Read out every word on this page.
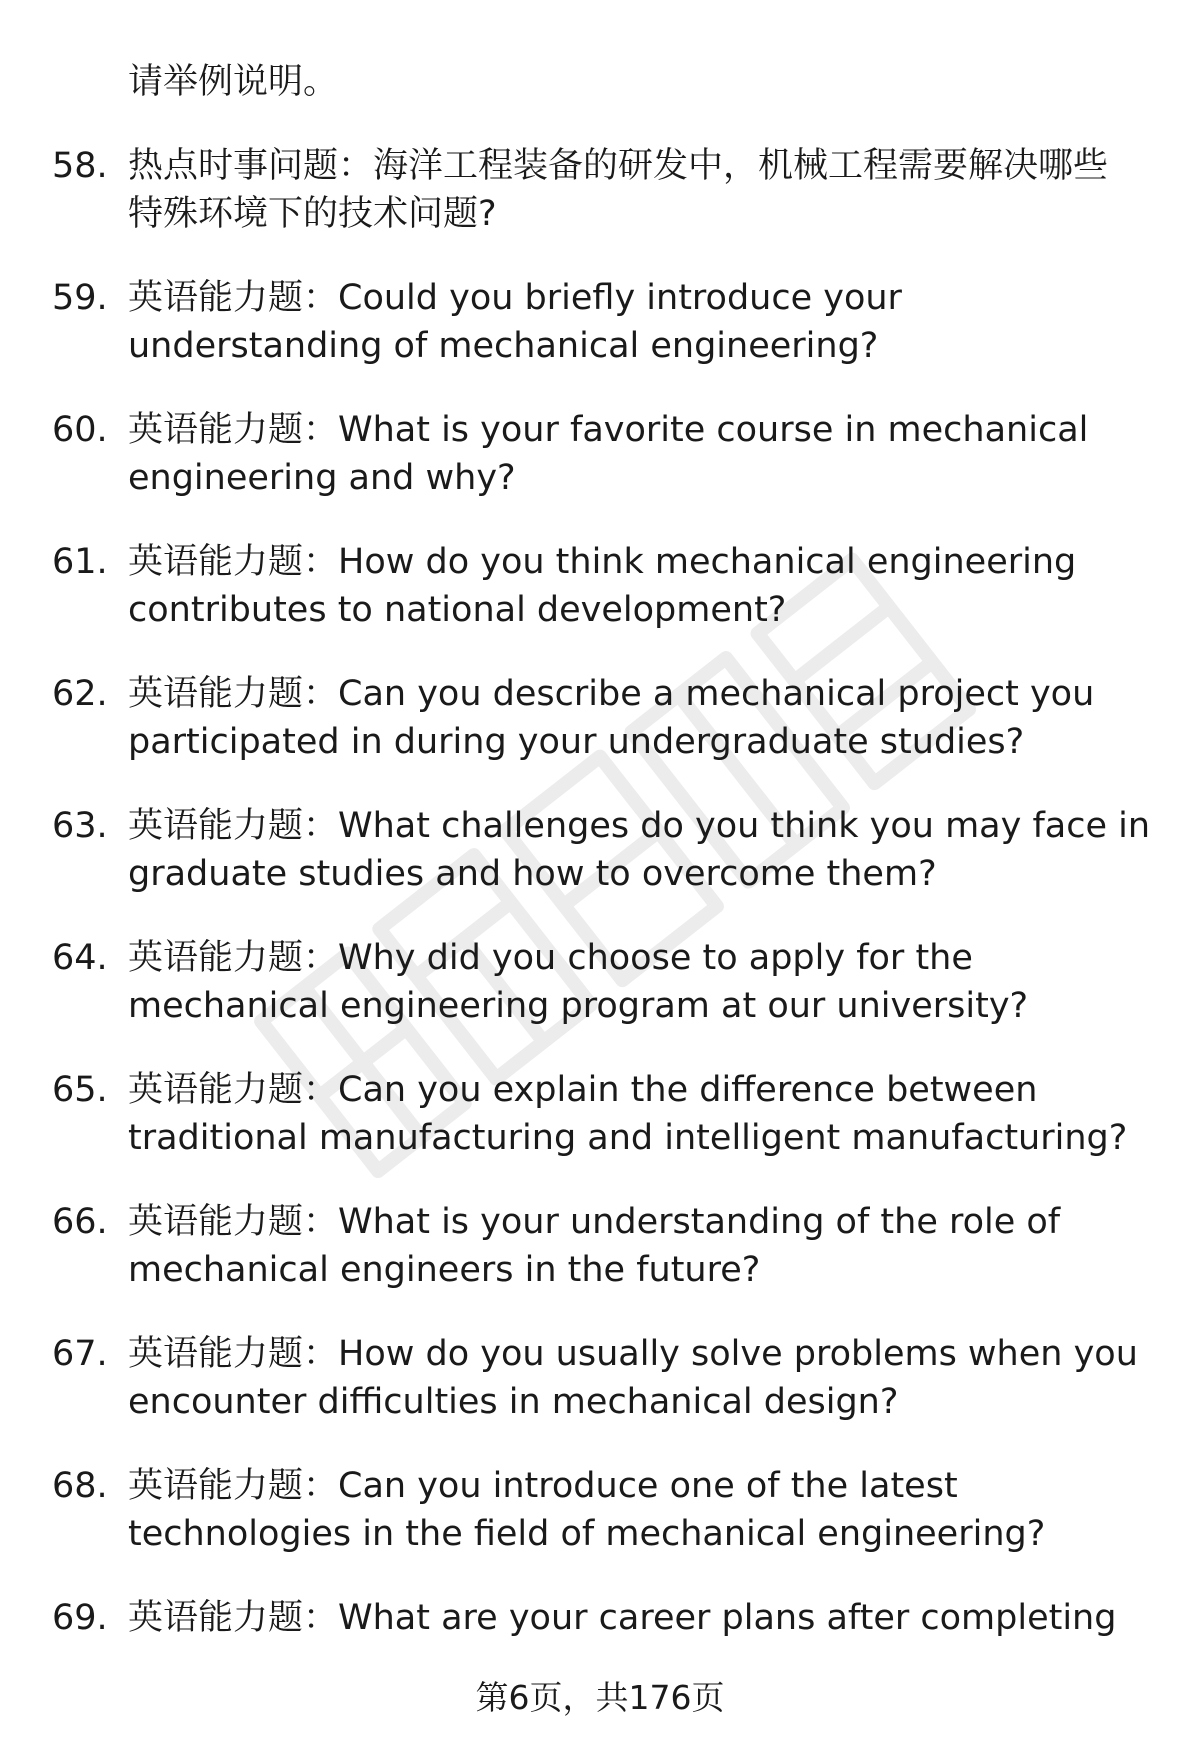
请举例说明。
58. 热点时事问题：海洋工程装备的研发中，机械工程需要解决哪些
特殊环境下的技术问题?
59. 英语能力题：Could you briefly introduce your
understanding of mechanical engineering?
60. 英语能力题：What is your favorite course in mechanical
engineering and why?
61. 英语能力题：How do you think mechanical engineering
contributes to national development?
62. 英语能力题：Can you describe a mechanical project you
participated in during your undergraduate studies?
63. 英语能力题：What challenges do you think you may face in
graduate studies and how to overcome them?
64. 英语能力题：Why did you choose to apply for the
mechanical engineering program at our university?
65. 英语能力题：Can you explain the difference between
traditional manufacturing and intelligent manufacturing?
66. 英语能力题：What is your understanding of the role of
mechanical engineers in the future?
67. 英语能力题：How do you usually solve problems when you
encounter difficulties in mechanical design?
68. 英语能力题：Can you introduce one of the latest
technologies in the field of mechanical engineering?
69. 英语能力题：What are your career plans after completing
第6页，共176页
